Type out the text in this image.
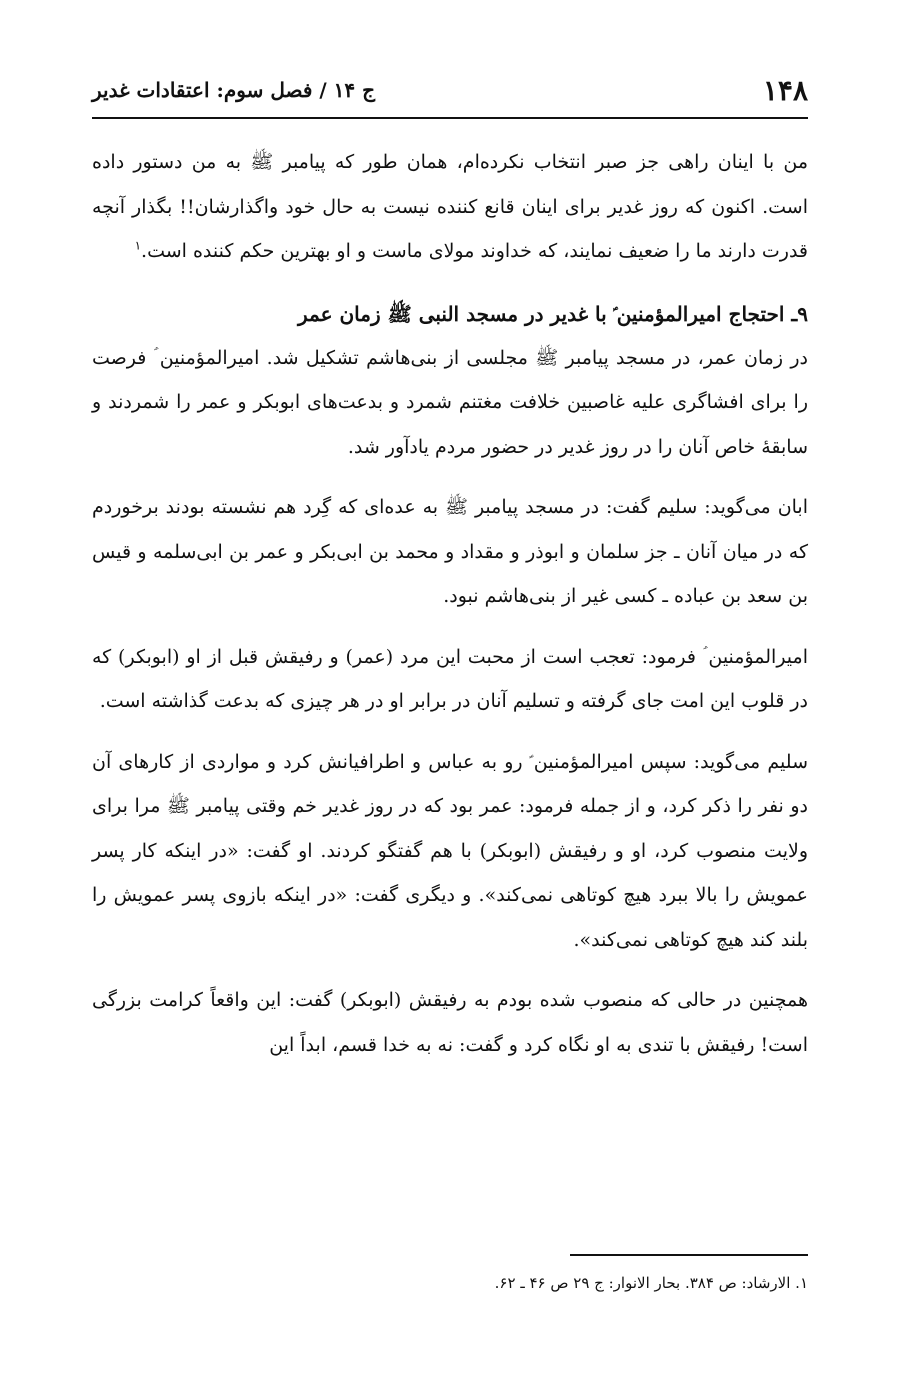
۱۴۸
ج ۱۴ / فصل سوم: اعتقادات غدیر

من با اینان راهی جز صبر انتخاب نکرده‌ام، همان طور که پیامبر ﷺ به من دستور داده است. اکنون که روز غدیر برای اینان قانع کننده نیست به حال خود واگذارشان!! بگذار آنچه قدرت دارند ما را ضعیف نمایند، که خداوند مولای ماست و او بهترین حکم کننده است.$^۱$

۹ـ احتجاج امیرالمؤمنین ؑ با غدیر در مسجد النبی ﷺ زمان عمر

در زمان عمر، در مسجد پیامبر ﷺ مجلسی از بنی‌هاشم تشکیل شد. امیرالمؤمنین ؑ فرصت را برای افشاگری علیه غاصبین خلافت مغتنم شمرد و بدعت‌های ابوبکر و عمر را شمردند و سابقهٔ خاص آنان را در روز غدیر در حضور مردم یادآور شد.

ابان می‌گوید: سلیم گفت: در مسجد پیامبر ﷺ به عده‌ای که گِرد هم نشسته بودند برخوردم که در میان آنان ـ جز سلمان و ابوذر و مقداد و محمد بن ابی‌بکر و عمر بن ابی‌سلمه و قیس بن سعد بن عباده ـ کسی غیر از بنی‌هاشم نبود.

امیرالمؤمنین ؑ فرمود: تعجب است از محبت این مرد (عمر) و رفیقش قبل از او (ابوبکر) که در قلوب این امت جای گرفته و تسلیم آنان در برابر او در هر چیزی که بدعت گذاشته است.

سلیم می‌گوید: سپس امیرالمؤمنین ؑ رو به عباس و اطرافیانش کرد و مواردی از کارهای آن دو نفر را ذکر کرد، و از جمله فرمود: عمر بود که در روز غدیر خم وقتی پیامبر ﷺ مرا برای ولایت منصوب کرد، او و رفیقش (ابوبکر) با هم گفتگو کردند. او گفت: «در اینکه کار پسر عمویش را بالا ببرد هیچ کوتاهی نمی‌کند». و دیگری گفت: «در اینکه بازوی پسر عمویش را بلند کند هیچ کوتاهی نمی‌کند».

همچنین در حالی که منصوب شده بودم به رفیقش (ابوبکر) گفت: این واقعاً کرامت بزرگی است! رفیقش با تندی به او نگاه کرد و گفت: نه به خدا قسم، ابداً این

۱. الارشاد: ص ۳۸۴. بحار الانوار: ج ۲۹ ص ۴۶ ـ ۶۲.
